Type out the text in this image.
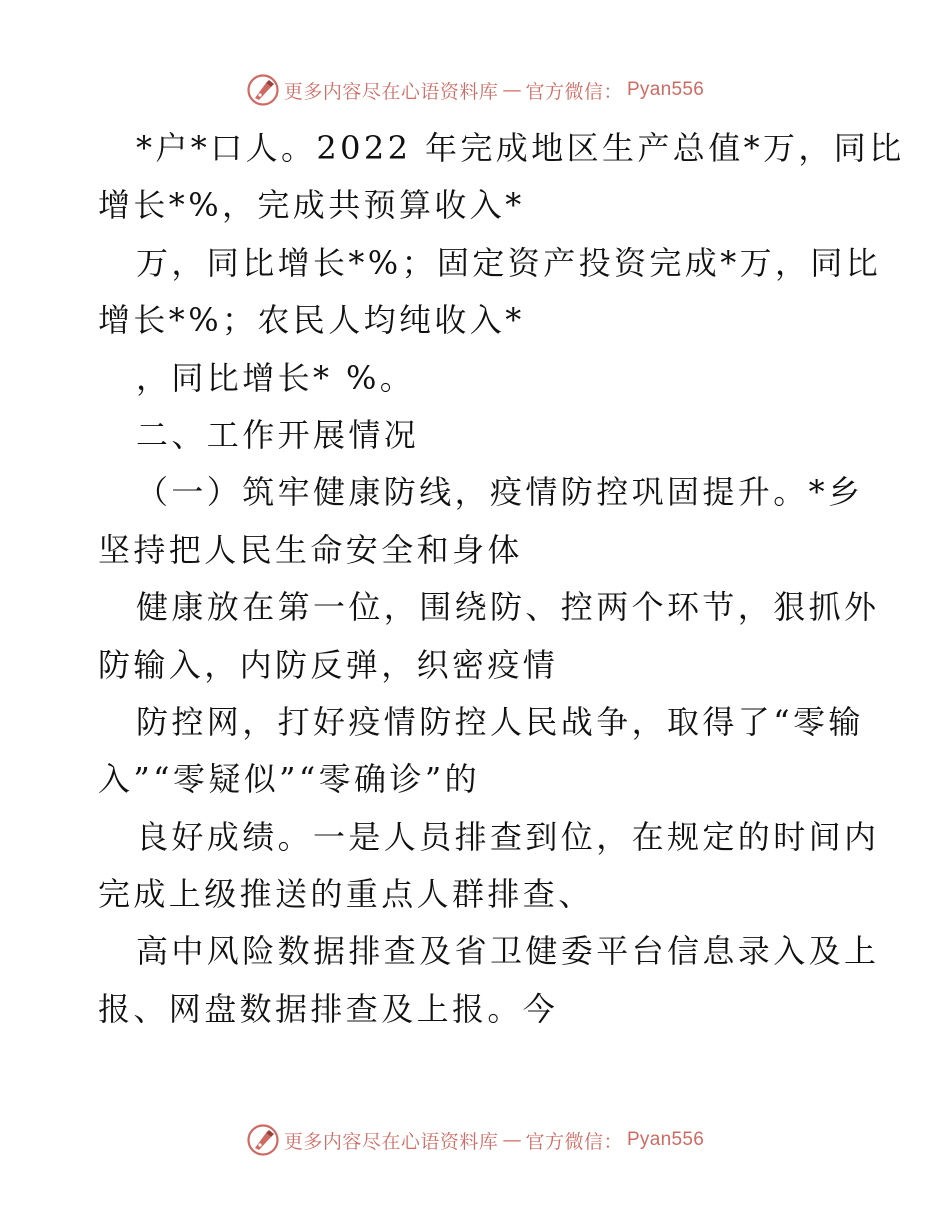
更多内容尽在心语资料库 — 官方微信： Pyan556
*户*口人。2022 年完成地区生产总值*万，同比
增长*%，完成共预算收入*
万，同比增长*%；固定资产投资完成*万，同比
增长*%；农民人均纯收入*
，同比增长* %。
二、工作开展情况
（一）筑牢健康防线，疫情防控巩固提升。*乡
坚持把人民生命安全和身体
健康放在第一位，围绕防、控两个环节，狠抓外
防输入，内防反弹，织密疫情
防控网，打好疫情防控人民战争，取得了“零输
入”“零疑似”“零确诊”的
良好成绩。一是人员排查到位，在规定的时间内
完成上级推送的重点人群排查、
高中风险数据排查及省卫健委平台信息录入及上
报、网盘数据排查及上报。今
更多内容尽在心语资料库 — 官方微信： Pyan556
